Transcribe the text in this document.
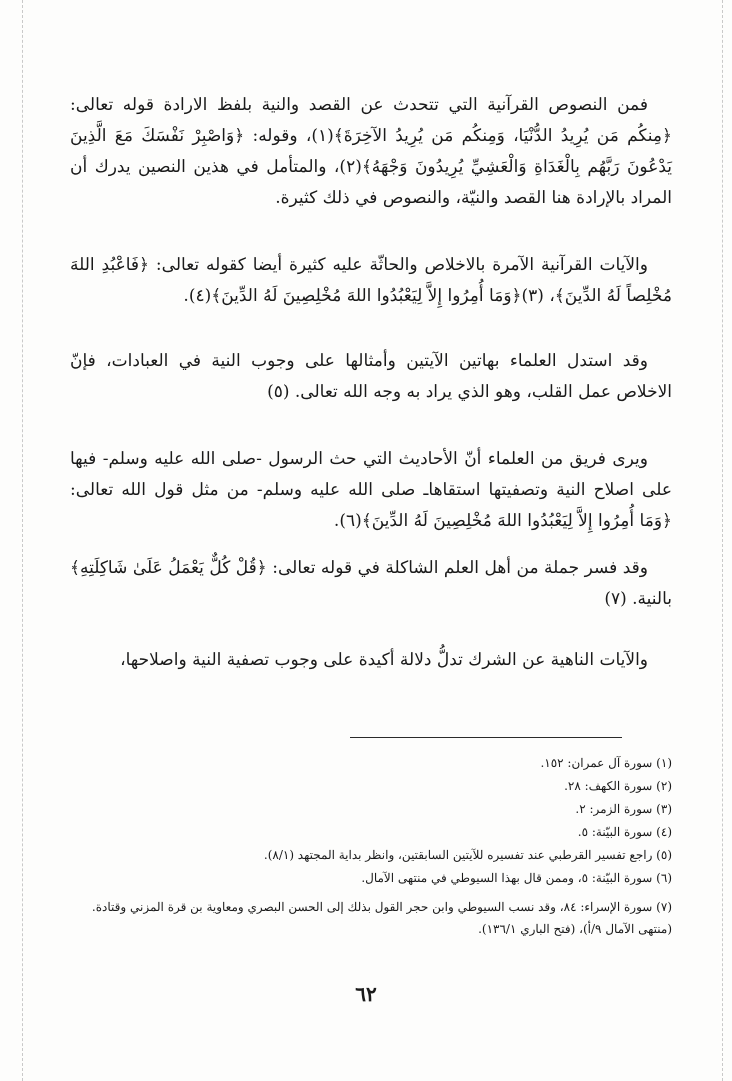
فمن النصوص القرآنية التي تتحدث عن القصد والنية بلفظ الارادة قوله تعالى: ﴿مِنكُم مَن يُرِيدُ الدُّنْيَا، وَمِنكُم مَن يُرِيدُ الآخِرَةَ﴾(١)، وقوله: ﴿وَاصْبِرْ نَفْسَكَ مَعَ الَّذِينَ يَدْعُونَ رَبَّهُم بِالْغَدَاةِ وَالْعَشِيِّ يُرِيدُونَ وَجْهَهُ﴾(٢)، والمتأمل في هذين النصين يدرك أن المراد بالإرادة هنا القصد والنيّة، والنصوص في ذلك كثيرة.

والآيات القرآنية الآمرة بالاخلاص والحاثّة عليه كثيرة أيضا كقوله تعالى: ﴿فَاعْبُدِ اللهَ مُخْلِصاً لَهُ الدِّينَ﴾، (٣)﴿وَمَا أُمِرُوا إِلاَّ لِيَعْبُدُوا اللهَ مُخْلِصِينَ لَهُ الدِّينَ﴾(٤).

وقد استدل العلماء بهاتين الآيتين وأمثالها على وجوب النية في العبادات، فإنّ الاخلاص عمل القلب، وهو الذي يراد به وجه الله تعالى. (٥)

ويرى فريق من العلماء أنّ الأحاديث التي حث الرسول -صلى الله عليه وسلم- فيها على اصلاح النية وتصفيتها استقاهاـ صلى الله عليه وسلم- من مثل قول الله تعالى: ﴿وَمَا أُمِرُوا إِلاَّ لِيَعْبُدُوا اللهَ مُخْلِصِينَ لَهُ الدِّينَ﴾(٦).

وقد فسر جملة من أهل العلم الشاكلة في قوله تعالى: ﴿قُلْ كُلٌّ يَعْمَلُ عَلَىٰ شَاكِلَتِهِ﴾ بالنية. (٧)

والآيات الناهية عن الشرك تدلُّ دلالة أكيدة على وجوب تصفية النية واصلاحها،

(١) سورة آل عمران: ١٥٢.

(٢) سورة الكهف: ٢٨.

(٣) سورة الزمر: ٢.

(٤) سورة البيّنة: ٥.

(٥) راجع تفسير القرطبي عند تفسيره للآيتين السابقتين، وانظر بداية المجتهد (٨/١).

(٦) سورة البيّنة: ٥، وممن قال بهذا السيوطي في منتهى الآمال.

(٧) سورة الإسراء: ٨٤، وقد نسب السيوطي وابن حجر القول بذلك إلى الحسن البصري ومعاوية بن قرة المزني وقتادة. (منتهى الآمال ٩/أ)، (فتح الباري ١٣٦/١).

٦٢
